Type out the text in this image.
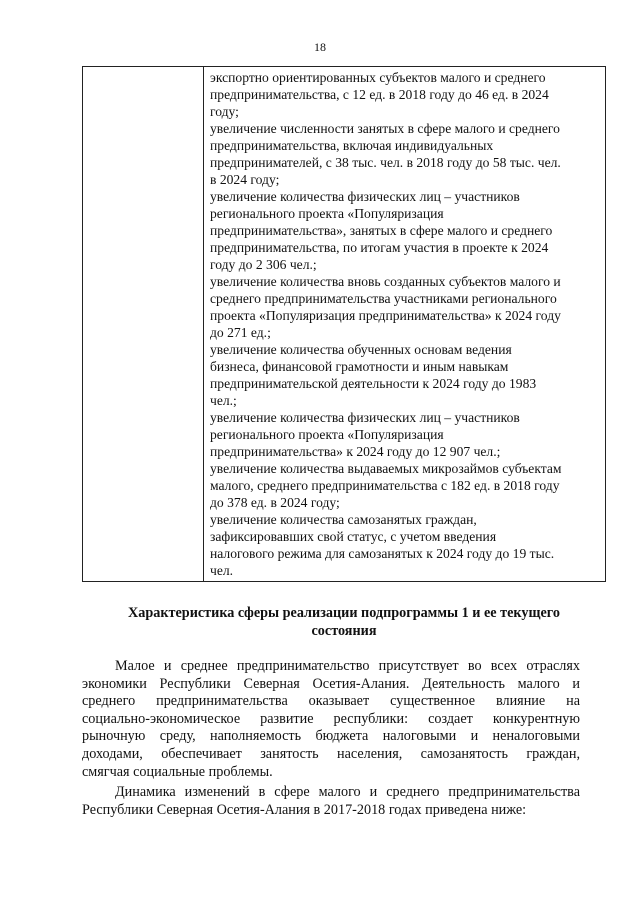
18

экспортно ориентированных субъектов малого и среднего
предпринимательства, с 12 ед. в 2018 году до 46 ед. в 2024
году;
увеличение численности занятых в сфере малого и среднего
предпринимательства, включая индивидуальных
предпринимателей, с 38 тыс. чел. в 2018 году до 58 тыс. чел.
в 2024 году;
увеличение количества физических лиц – участников
регионального проекта «Популяризация
предпринимательства», занятых в сфере малого и среднего
предпринимательства, по итогам участия в проекте к 2024
году до 2 306 чел.;
увеличение количества вновь созданных субъектов малого и
среднего предпринимательства участниками регионального
проекта «Популяризация предпринимательства» к 2024 году
до 271 ед.;
увеличение количества обученных основам ведения
бизнеса, финансовой грамотности и иным навыкам
предпринимательской деятельности к 2024 году до 1983
чел.;
увеличение количества физических лиц – участников
регионального проекта «Популяризация
предпринимательства» к 2024 году до 12 907 чел.;
увеличение количества выдаваемых микрозаймов субъектам
малого, среднего предпринимательства с 182 ед. в 2018 году
до 378 ед. в 2024 году;
увеличение количества самозанятых граждан,
зафиксировавших свой статус, с учетом введения
налогового режима для самозанятых к 2024 году до 19 тыс.
чел.
Характеристика сферы реализации подпрограммы 1 и ее текущего
состояния
Малое и среднее предпринимательство присутствует во всех отраслях
экономики Республики Северная Осетия-Алания. Деятельность малого и
среднего предпринимательства оказывает существенное влияние на
социально-экономическое развитие республики: создает конкурентную
рыночную среду, наполняемость бюджета налоговыми и неналоговыми
доходами, обеспечивает занятость населения, самозанятость граждан,
смягчая социальные проблемы.
Динамика изменений в сфере малого и среднего предпринимательства
Республики Северная Осетия-Алания в 2017-2018 годах приведена ниже:
